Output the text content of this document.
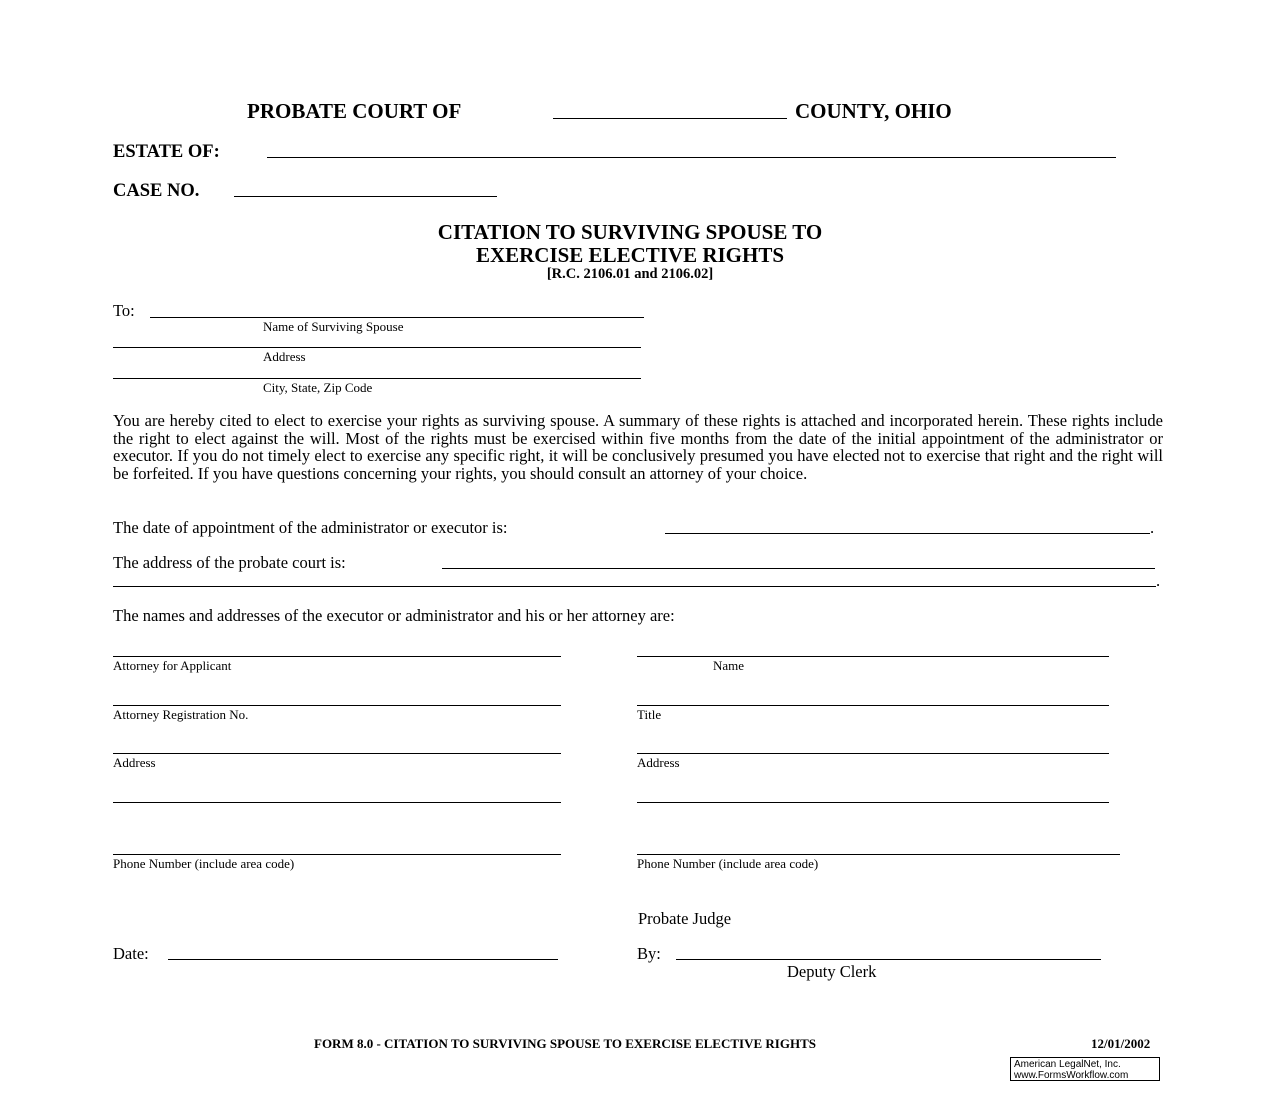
PROBATE COURT OF	COUNTY, OHIO
ESTATE OF:
CASE NO.
CITATION TO SURVIVING SPOUSE TO
EXERCISE ELECTIVE RIGHTS
[R.C. 2106.01 and 2106.02]
To:
Name of Surviving Spouse
Address
City, State, Zip Code
You are hereby cited to elect to exercise your rights as surviving spouse. A summary of these rights is attached and incorporated herein. These rights include the right to elect against the will. Most of the rights must be exercised within five months from the date of the initial appointment of the administrator or executor. If you do not timely elect to exercise any specific right, it will be conclusively presumed you have elected not to exercise that right and the right will be forfeited. If you have questions concerning your rights, you should consult an attorney of your choice.
The date of appointment of the administrator or executor is:	.
The address of the probate court is:
.
The names and addresses of the executor or administrator and his or her attorney are:
Attorney for Applicant
Attorney Registration No.
Address
Phone Number (include area code)
Name
Title
Address
Phone Number (include area code)
Probate Judge
Date:	By:
Deputy Clerk
FORM 8.0 - CITATION TO SURVIVING SPOUSE TO EXERCISE ELECTIVE RIGHTS	12/01/2002
American LegalNet, Inc.
www.FormsWorkflow.com
